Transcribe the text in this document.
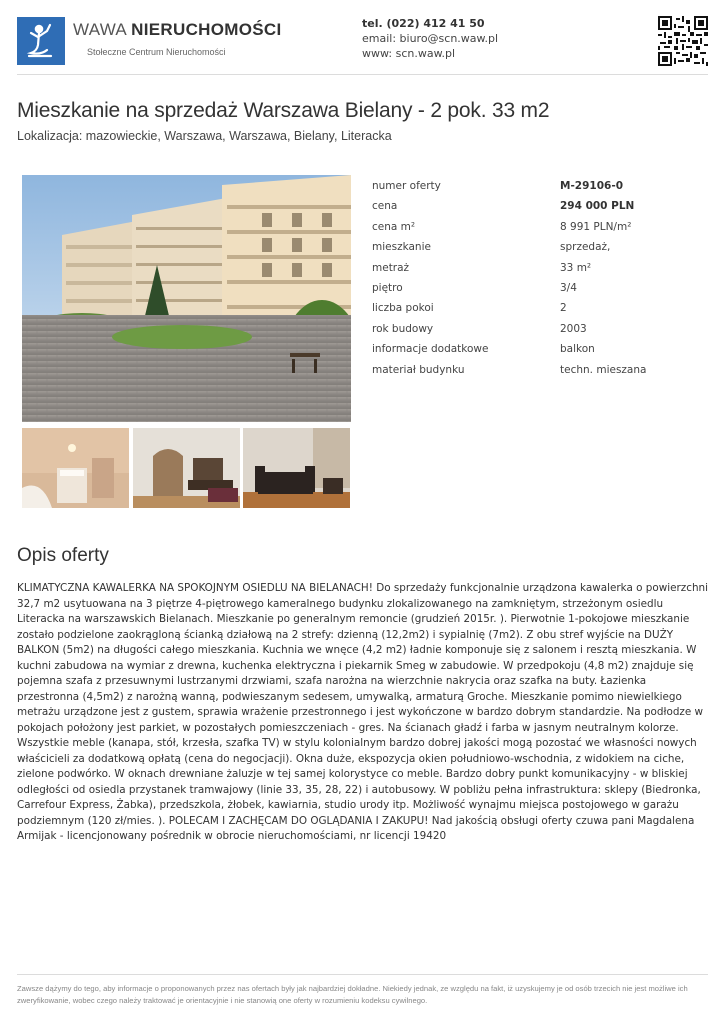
WAWA NIERUCHOMOŚCI
Stołeczne Centrum Nieruchomości
tel. (022) 412 41 50
email: biuro@scn.waw.pl
www: scn.waw.pl
Mieszkanie na sprzedaż Warszawa Bielany - 2 pok. 33 m2
Lokalizacja: mazowieckie, Warszawa, Warszawa, Bielany, Literacka
numer oferty	M-29106-0
cena	294 000 PLN
cena m²	8 991 PLN/m²
mieszkanie	sprzedaż,
metraż	33 m²
piętro	3/4
liczba pokoi	2
rok budowy	2003
informacje dodatkowe	balkon
materiał budynku	techn. mieszana
Opis oferty

KLIMATYCZNA KAWALERKA NA SPOKOJNYM OSIEDLU NA BIELANACH! Do sprzedaży funkcjonalnie urządzona kawalerka o powierzchni 32,7 m2 usytuowana na 3 piętrze 4-piętrowego kameralnego budynku zlokalizowanego na zamkniętym, strzeżonym osiedlu Literacka na warszawskich Bielanach. Mieszkanie po generalnym remoncie (grudzień 2015r. ). Pierwotnie 1-pokojowe mieszkanie zostało podzielone zaokrągloną ścianką działową na 2 strefy: dzienną (12,2m2) i sypialnię (7m2). Z obu stref wyjście na DUŻY BALKON (5m2) na długości całego mieszkania. Kuchnia we wnęce (4,2 m2) ładnie komponuje się z salonem i resztą mieszkania. W kuchni zabudowa na wymiar z drewna, kuchenka elektryczna i piekarnik Smeg w zabudowie. W przedpokoju (4,8 m2) znajduje się pojemna szafa z przesuwnymi lustrzanymi drzwiami, szafa narożna na wierzchnie nakrycia oraz szafka na buty. Łazienka przestronna (4,5m2) z narożną wanną, podwieszanym sedesem, umywalką, armaturą Groche. Mieszkanie pomimo niewielkiego metrażu urządzone jest z gustem, sprawia wrażenie przestronnego i jest wykończone w bardzo dobrym standardzie. Na podłodze w pokojach położony jest parkiet, w pozostałych pomieszczeniach - gres. Na ścianach gładź i farba w jasnym neutralnym kolorze. Wszystkie meble (kanapa, stół, krzesła, szafka TV) w stylu kolonialnym bardzo dobrej jakości mogą pozostać we własności nowych właścicieli za dodatkową opłatą (cena do negocjacji). Okna duże, ekspozycja okien południowo-wschodnia, z widokiem na ciche, zielone podwórko. W oknach drewniane żaluzje w tej samej kolorystyce co meble. Bardzo dobry punkt komunikacyjny - w bliskiej odległości od osiedla przystanek tramwajowy (linie 33, 35, 28, 22) i autobusowy. W pobliżu pełna infrastruktura: sklepy (Biedronka, Carrefour Express, Żabka), przedszkola, żłobek, kawiarnia, studio urody itp. Możliwość wynajmu miejsca postojowego w garażu podziemnym (120 zł/mies. ). POLECAM I ZACHĘCAM DO OGLĄDANIA I ZAKUPU! Nad jakością obsługi oferty czuwa pani Magdalena Armijak - licencjonowany pośrednik w obrocie nieruchomościami, nr licencji 19420

Zawsze dążymy do tego, aby informacje o proponowanych przez nas ofertach były jak najbardziej dokładne. Niekiedy jednak, ze względu na fakt, iż uzyskujemy je od osób trzecich nie jest możliwe ich zweryfikowanie, wobec czego należy traktować je orientacyjnie i nie stanowią one oferty w rozumieniu kodeksu cywilnego.
